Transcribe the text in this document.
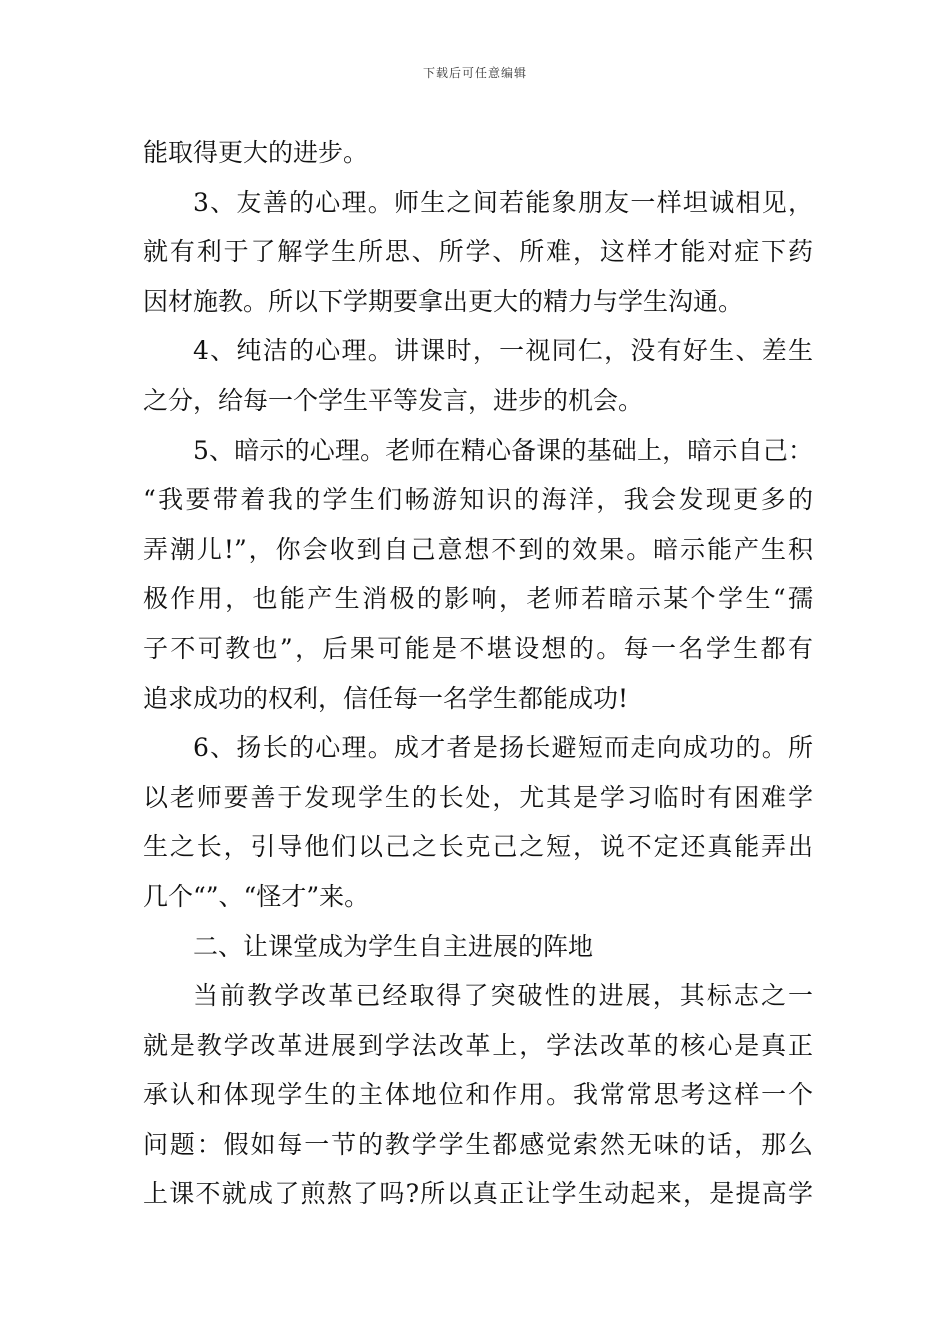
下载后可任意编辑
能取得更大的进步。
3、友善的心理。师生之间若能象朋友一样坦诚相见，
就有利于了解学生所思、所学、所难，这样才能对症下药
因材施教。所以下学期要拿出更大的精力与学生沟通。
4、纯洁的心理。讲课时，一视同仁，没有好生、差生
之分，给每一个学生平等发言，进步的机会。
5、暗示的心理。老师在精心备课的基础上，暗示自己：
“我要带着我的学生们畅游知识的海洋，我会发现更多的
弄潮儿!”，你会收到自己意想不到的效果。暗示能产生积
极作用，也能产生消极的影响，老师若暗示某个学生“孺
子不可教也”，后果可能是不堪设想的。每一名学生都有
追求成功的权利，信任每一名学生都能成功!
6、扬长的心理。成才者是扬长避短而走向成功的。所
以老师要善于发现学生的长处，尤其是学习临时有困难学
生之长，引导他们以己之长克己之短，说不定还真能弄出
几个“”、“怪才”来。
二、让课堂成为学生自主进展的阵地
当前教学改革已经取得了突破性的进展，其标志之一
就是教学改革进展到学法改革上，学法改革的核心是真正
承认和体现学生的主体地位和作用。我常常思考这样一个
问题：假如每一节的教学学生都感觉索然无味的话，那么
上课不就成了煎熬了吗?所以真正让学生动起来，是提高学
